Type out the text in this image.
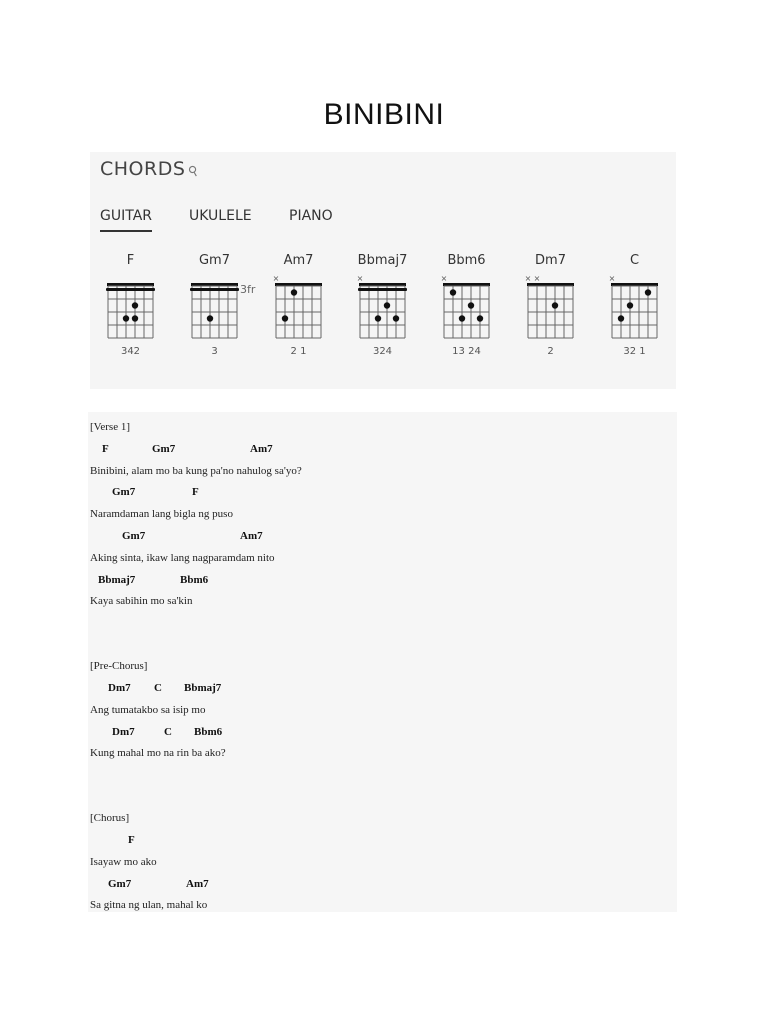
BINIBINI
CHORDS⚲
GUITAR	UKULELE	PIANO
F
342
Gm7
3fr
3
Am7
×
2 1
Bbmaj7
×
324
Bbm6
×
13 24
Dm7
× ×
2
C
×
32 1
[Verse 1]
F	Gm7	Am7
Binibini, alam mo ba kung pa'no nahulog sa'yo?
Gm7	F
Naramdaman lang bigla ng puso
Gm7	Am7
Aking sinta, ikaw lang nagparamdam nito
Bbmaj7	Bbm6
Kaya sabihin mo sa'kin
[Pre-Chorus]
Dm7 C Bbmaj7
Ang tumatakbo sa isip mo
Dm7	C Bbm6
Kung mahal mo na rin ba ako?
[Chorus]
F
Isayaw mo ako
Gm7	Am7
Sa gitna ng ulan, mahal ko
